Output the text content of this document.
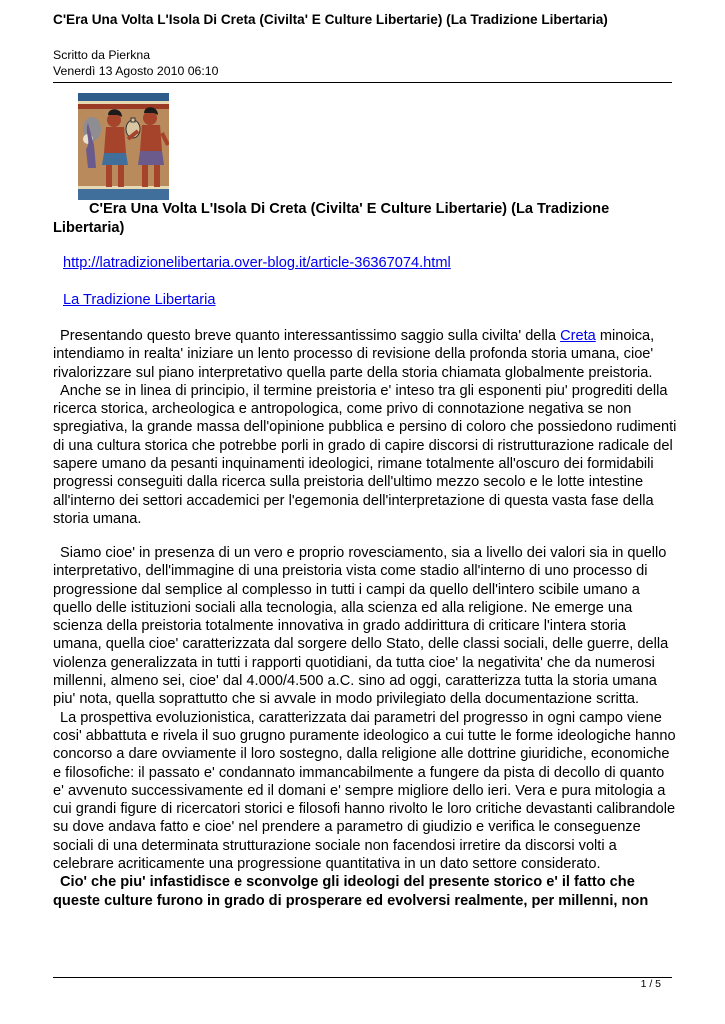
C'Era Una Volta L'Isola Di Creta (Civilta' E Culture Libertarie) (La Tradizione Libertaria)
Scritto da Pierkna
Venerdì 13 Agosto 2010 06:10
C'Era Una Volta L'Isola Di Creta (Civilta' E Culture Libertarie) (La Tradizione Libertaria)
http://latradizionelibertaria.over-blog.it/article-36367074.html
La Tradizione Libertaria

Presentando questo breve quanto interessantissimo saggio sulla civilta' della Creta minoica, intendiamo in realta' iniziare un lento processo di revisione della profonda storia umana, cioe' rivalorizzare sul piano interpretativo quella parte della storia chiamata globalmente preistoria.

Anche se in linea di principio, il termine preistoria e' inteso tra gli esponenti piu' progrediti della ricerca storica, archeologica e antropologica, come privo di connotazione negativa se non spregiativa, la grande massa dell'opinione pubblica e persino di coloro che possiedono rudimenti di una cultura storica che potrebbe porli in grado di capire discorsi di ristrutturazione radicale del sapere umano da pesanti inquinamenti ideologici, rimane totalmente all'oscuro dei formidabili progressi conseguiti dalla ricerca sulla preistoria dell'ultimo mezzo secolo e le lotte intestine all'interno dei settori accademici per l'egemonia dell'interpretazione di questa vasta fase della storia umana.

Siamo cioe' in presenza di un vero e proprio rovesciamento, sia a livello dei valori sia in quello interpretativo, dell'immagine di una preistoria vista come stadio all'interno di uno processo di progressione dal semplice al complesso in tutti i campi da quello dell'intero scibile umano a quello delle istituzioni sociali alla tecnologia, alla scienza ed alla religione. Ne emerge una scienza della preistoria totalmente innovativa in grado addirittura di criticare l'intera storia umana, quella cioe' caratterizzata dal sorgere dello Stato, delle classi sociali, delle guerre, della violenza generalizzata in tutti i rapporti quotidiani, da tutta cioe' la negativita' che da numerosi millenni, almeno sei, cioe' dal 4.000/4.500 a.C. sino ad oggi, caratterizza tutta la storia umana piu' nota, quella soprattutto che si avvale in modo privilegiato della documentazione scritta.

La prospettiva evoluzionistica, caratterizzata dai parametri del progresso in ogni campo viene cosi' abbattuta e rivela il suo grugno puramente ideologico a cui tutte le forme ideologiche hanno concorso a dare ovviamente il loro sostegno, dalla religione alle dottrine giuridiche, economiche e filosofiche: il passato e' condannato immancabilmente a fungere da pista di decollo di quanto e' avvenuto successivamente ed il domani e' sempre migliore dello ieri. Vera e pura mitologia a cui grandi figure di ricercatori storici e filosofi hanno rivolto le loro critiche devastanti calibrandole su dove andava fatto e cioe' nel prendere a parametro di giudizio e verifica le conseguenze sociali di una determinata strutturazione sociale non facendosi irretire da discorsi volti a celebrare acriticamente una progressione quantitativa in un dato settore considerato.

Cio' che piu' infastidisce e sconvolge gli ideologi del presente storico e' il fatto che queste culture furono in grado di prosperare ed evolversi realmente, per millenni, non

1 / 5
